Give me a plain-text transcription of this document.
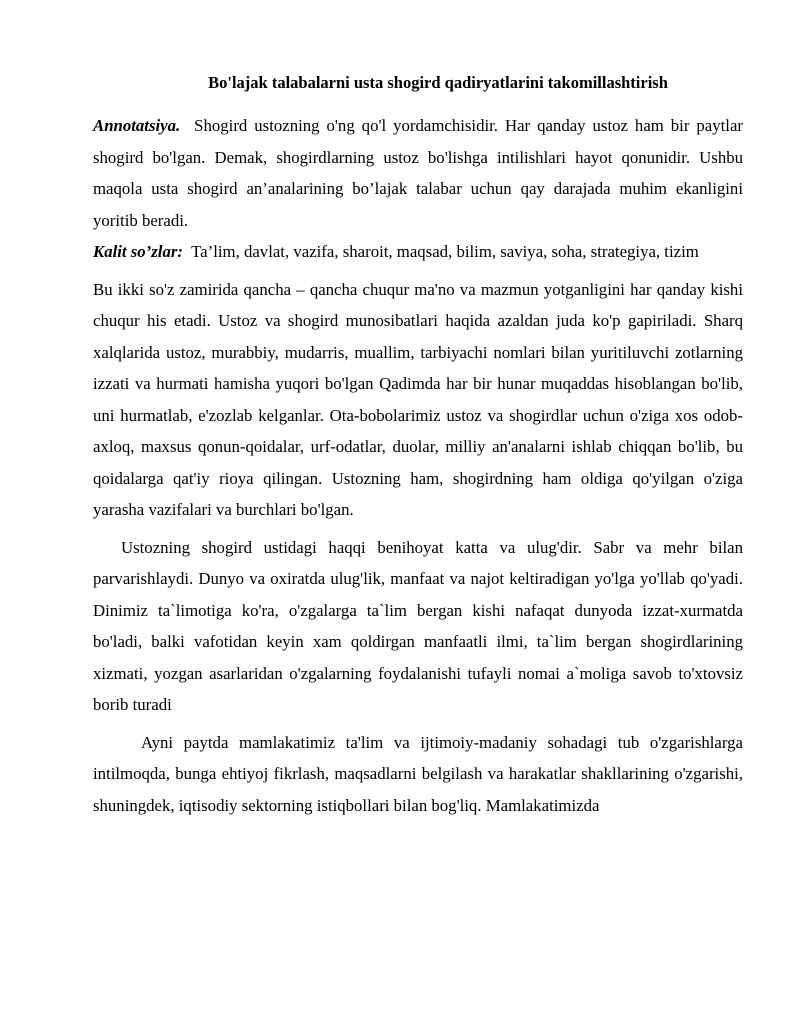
Bo'lajak talabalarni usta shogird qadiryatlarini takomillashtirish

Annotatsiya. Shogird ustozning o'ng qo'l yordamchisidir. Har qanday ustoz ham bir paytlar shogird bo'lgan. Demak, shogirdlarning ustoz bo'lishga intilishlari hayot qonunidir. Ushbu maqola usta shogird an’analarining bo’lajak talabar uchun qay darajada muhim ekanligini yoritib beradi.

Kalit so’zlar: Ta’lim, davlat, vazifa, sharoit, maqsad, bilim, saviya, soha, strategiya, tizim

Bu ikki so'z zamirida qancha – qancha chuqur ma'no va mazmun yotganligini har qanday kishi chuqur his etadi. Ustoz va shogird munosibatlari haqida azaldan juda ko'p gapiriladi. Sharq xalqlarida ustoz, murabbiy, mudarris, muallim, tarbiyachi nomlari bilan yuritiluvchi zotlarning izzati va hurmati hamisha yuqori bo'lgan Qadimda har bir hunar muqaddas hisoblangan bo'lib, uni hurmatlab, e'zozlab kelganlar. Ota-bobolarimiz ustoz va shogirdlar uchun o'ziga xos odob-axloq, maxsus qonun-qoidalar, urf-odatlar, duolar, milliy an'analarni ishlab chiqqan bo'lib, bu qoidalarga qat'iy rioya qilingan. Ustozning ham, shogirdning ham oldiga qo'yilgan o'ziga yarasha vazifalari va burchlari bo'lgan.

Ustozning shogird ustidagi haqqi benihoyat katta va ulug'dir. Sabr va mehr bilan parvarishlaydi. Dunyo va oxiratda ulug'lik, manfaat va najot keltiradigan yo'lga yo'llab qo'yadi. Dinimiz ta`limotiga ko'ra, o'zgalarga ta`lim bergan kishi nafaqat dunyoda izzat-xurmatda bo'ladi, balki vafotidan keyin xam qoldirgan manfaatli ilmi, ta`lim bergan shogirdlarining xizmati, yozgan asarlaridan o'zgalarning foydalanishi tufayli nomai a`moliga savob to'xtovsiz borib turadi

Ayni paytda mamlakatimiz ta'lim va ijtimoiy-madaniy sohadagi tub o'zgarishlarga intilmoqda, bunga ehtiyoj fikrlash, maqsadlarni belgilash va harakatlar shakllarining o'zgarishi, shuningdek, iqtisodiy sektorning istiqbollari bilan bog'liq. Mamlakatimizda
